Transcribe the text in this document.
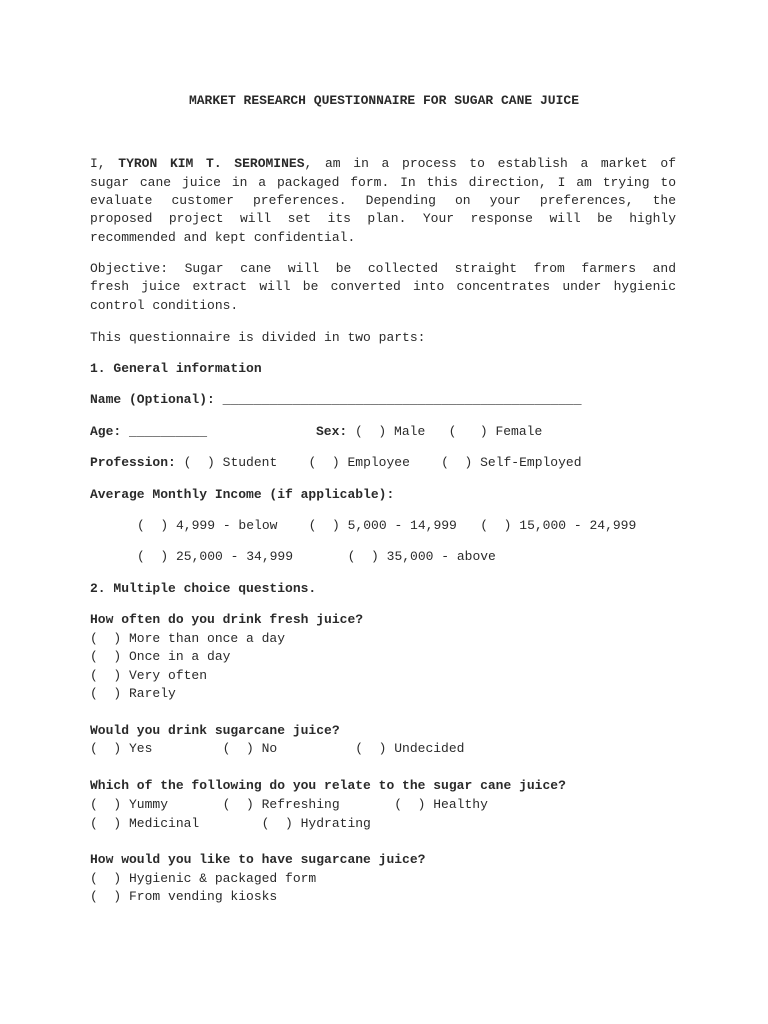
MARKET RESEARCH QUESTIONNAIRE FOR SUGAR CANE JUICE
I, TYRON KIM T. SEROMINES, am in a process to establish a market of
sugar cane juice in a packaged form. In this direction, I am trying to
evaluate customer preferences. Depending on your preferences, the
proposed project will set its plan. Your response will be highly
recommended and kept confidential.
Objective: Sugar cane will be collected straight from farmers and
fresh juice extract will be converted into concentrates under hygienic
control conditions.
This questionnaire is divided in two parts:
1. General information
Name (Optional): ______________________________________________
Age: __________	Sex: (  ) Male   (   ) Female
Profession: (  ) Student    (  ) Employee    (  ) Self-Employed
Average Monthly Income (if applicable):
(  ) 4,999 - below    (  ) 5,000 - 14,999   (  ) 15,000 - 24,999
(  ) 25,000 - 34,999       (  ) 35,000 - above
2. Multiple choice questions.
How often do you drink fresh juice?
(  ) More than once a day
(  ) Once in a day
(  ) Very often
(  ) Rarely
Would you drink sugarcane juice?
(  ) Yes         (  ) No          (  ) Undecided
Which of the following do you relate to the sugar cane juice?
(  ) Yummy       (  ) Refreshing       (  ) Healthy
(  ) Medicinal        (  ) Hydrating
How would you like to have sugarcane juice?
(  ) Hygienic & packaged form
(  ) From vending kiosks
